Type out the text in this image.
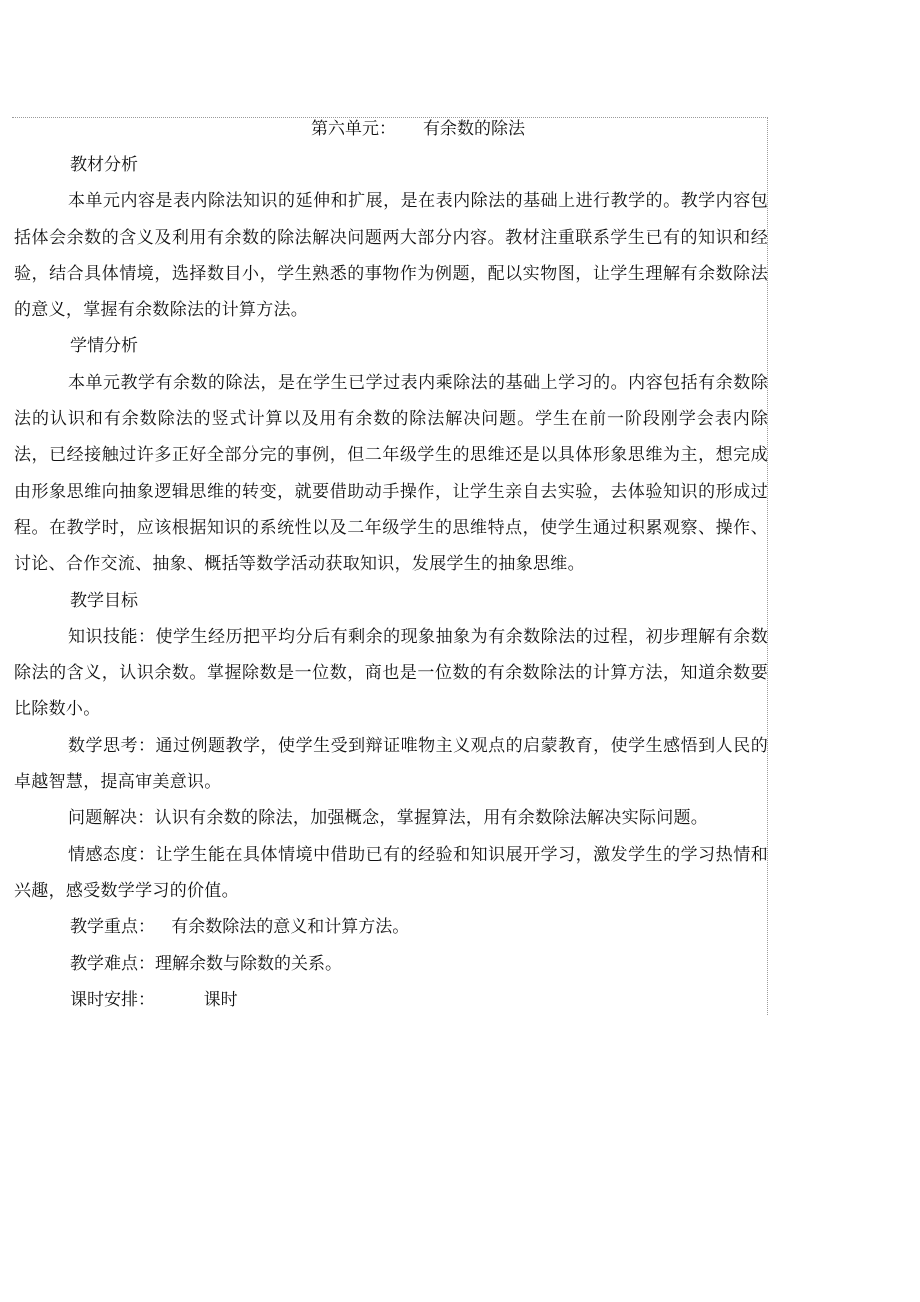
第六单元：     有余数的除法
教材分析

本单元内容是表内除法知识的延伸和扩展，是在表内除法的基础上进行教学的。教学内容包括体会余数的含义及利用有余数的除法解决问题两大部分内容。教材注重联系学生已有的知识和经验，结合具体情境，选择数目小，学生熟悉的事物作为例题，配以实物图，让学生理解有余数除法的意义，掌握有余数除法的计算方法。

学情分析

本单元教学有余数的除法，是在学生已学过表内乘除法的基础上学习的。内容包括有余数除法的认识和有余数除法的竖式计算以及用有余数的除法解决问题。学生在前一阶段刚学会表内除法，已经接触过许多正好全部分完的事例，但二年级学生的思维还是以具体形象思维为主，想完成由形象思维向抽象逻辑思维的转变，就要借助动手操作，让学生亲自去实验，去体验知识的形成过程。在教学时，应该根据知识的系统性以及二年级学生的思维特点，使学生通过积累观察、操作、讨论、合作交流、抽象、概括等数学活动获取知识，发展学生的抽象思维。

教学目标

知识技能：使学生经历把平均分后有剩余的现象抽象为有余数除法的过程，初步理解有余数除法的含义，认识余数。掌握除数是一位数，商也是一位数的有余数除法的计算方法，知道余数要比除数小。

数学思考：通过例题教学，使学生受到辩证唯物主义观点的启蒙教育，使学生感悟到人民的卓越智慧，提高审美意识。

问题解决：认识有余数的除法，加强概念，掌握算法，用有余数除法解决实际问题。

情感态度：让学生能在具体情境中借助已有的经验和知识展开学习，激发学生的学习热情和兴趣，感受数学学习的价值。

教学重点：   有余数除法的意义和计算方法。

教学难点：理解余数与除数的关系。

课时安排：         课时
